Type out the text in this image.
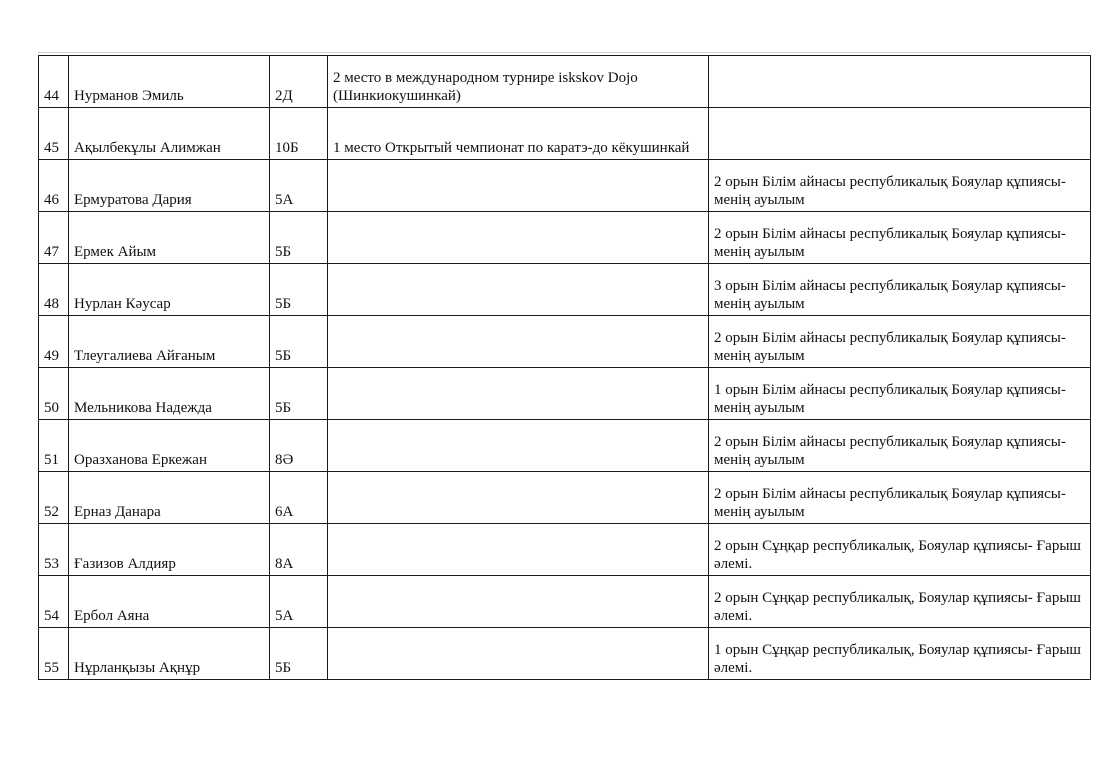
44	Нурманов Эмиль	2Д	2 место в международном турнире iskskov Dojo (Шинкиокушинкай)	

45	Ақылбекұлы Алимжан	10Б	1 место Открытый чемпионат по каратэ-до кёкушинкай	

46	Ермуратова Дария	5А		2 орын Білім айнасы республикалық Бояулар құпиясы-менің ауылым

47	Ермек Айым	5Б		2 орын Білім айнасы республикалық Бояулар құпиясы-менің ауылым

48	Нурлан Кәусар	5Б		3 орын Білім айнасы республикалық Бояулар құпиясы-менің ауылым

49	Тлеугалиева Айғаным	5Б		2 орын Білім айнасы республикалық Бояулар құпиясы-менің ауылым

50	Мельникова Надежда	5Б		1 орын Білім айнасы республикалық Бояулар құпиясы-менің ауылым

51	Оразханова Еркежан	8Ә		2 орын Білім айнасы республикалық Бояулар құпиясы-менің ауылым

52	Ерназ Данара	6А		2 орын Білім айнасы республикалық Бояулар құпиясы-менің ауылым

53	Ғазизов Алдияр	8А		2 орын Сұңқар республикалық, Бояулар құпиясы- Ғарыш әлемі.

54	Ербол Аяна	5А		2 орын Сұңқар республикалық, Бояулар құпиясы- Ғарыш әлемі.

55	Нұрланқызы Ақнұр	5Б		1 орын Сұңқар республикалық, Бояулар құпиясы- Ғарыш әлемі.
